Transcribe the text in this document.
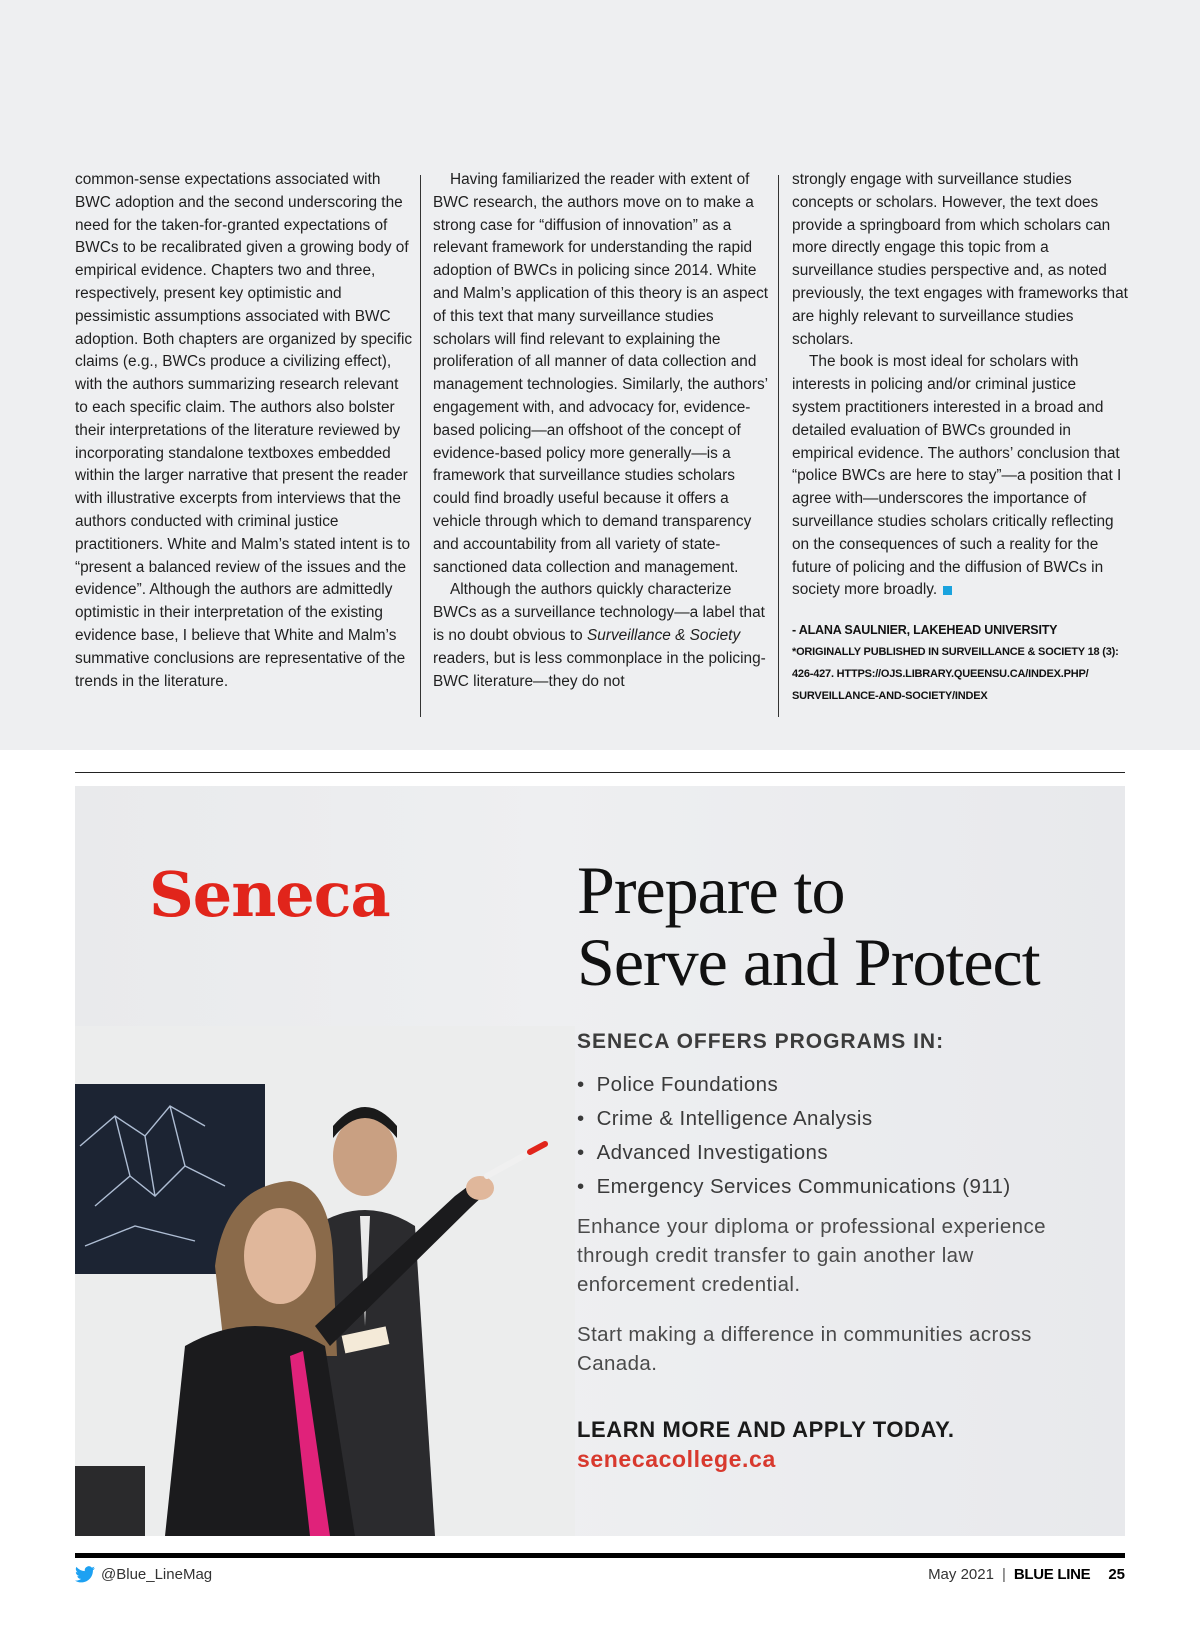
common-sense expectations associated with BWC adoption and the second underscoring the need for the taken-for-granted expectations of BWCs to be recalibrated given a growing body of empirical evidence. Chapters two and three, respectively, present key optimistic and pessimistic assumptions associated with BWC adoption. Both chapters are organized by specific claims (e.g., BWCs produce a civilizing effect), with the authors summarizing research relevant to each specific claim. The authors also bolster their interpretations of the literature reviewed by incorporating standalone textboxes embedded within the larger narrative that present the reader with illustrative excerpts from interviews that the authors conducted with criminal justice practitioners. White and Malm’s stated intent is to “present a balanced review of the issues and the evidence”. Although the authors are admittedly optimistic in their interpretation of the existing evidence base, I believe that White and Malm’s summative conclusions are representative of the trends in the literature.

Having familiarized the reader with extent of BWC research, the authors move on to make a strong case for “diffusion of innovation” as a relevant framework for understanding the rapid adoption of BWCs in policing since 2014. White and Malm’s application of this theory is an aspect of this text that many surveillance studies scholars will find relevant to explaining the proliferation of all manner of data collection and management technologies. Similarly, the authors’ engagement with, and advocacy for, evidence-based policing—an offshoot of the concept of evidence-based policy more generally—is a framework that surveillance studies scholars could find broadly useful because it offers a vehicle through which to demand transparency and accountability from all variety of state-sanctioned data collection and management.

Although the authors quickly characterize BWCs as a surveillance technology—a label that is no doubt obvious to Surveillance & Society readers, but is less commonplace in the policing-BWC literature—they do not

strongly engage with surveillance studies concepts or scholars. However, the text does provide a springboard from which scholars can more directly engage this topic from a surveillance studies perspective and, as noted previously, the text engages with frameworks that are highly relevant to surveillance studies scholars.

The book is most ideal for scholars with interests in policing and/or criminal justice system practitioners interested in a broad and detailed evaluation of BWCs grounded in empirical evidence. The authors’ conclusion that “police BWCs are here to stay”—a position that I agree with—underscores the importance of surveillance studies scholars critically reflecting on the consequences of such a reality for the future of policing and the diffusion of BWCs in society more broadly.

- ALANA SAULNIER, LAKEHEAD UNIVERSITY
*ORIGINALLY PUBLISHED IN SURVEILLANCE & SOCIETY 18 (3): 426-427. HTTPS://OJS.LIBRARY.QUEENSU.CA/INDEX.PHP/ SURVEILLANCE-AND-SOCIETY/INDEX
Seneca	Prepare to
Serve and Protect
SENECA OFFERS PROGRAMS IN:
• Police Foundations
• Crime & Intelligence Analysis
• Advanced Investigations
• Emergency Services Communications (911)

Enhance your diploma or professional experience through credit transfer to gain another law enforcement credential.

Start making a difference in communities across Canada.

LEARN MORE AND APPLY TODAY.
senecacollege.ca
@Blue_LineMag	May 2021 | BLUE LINE 25
